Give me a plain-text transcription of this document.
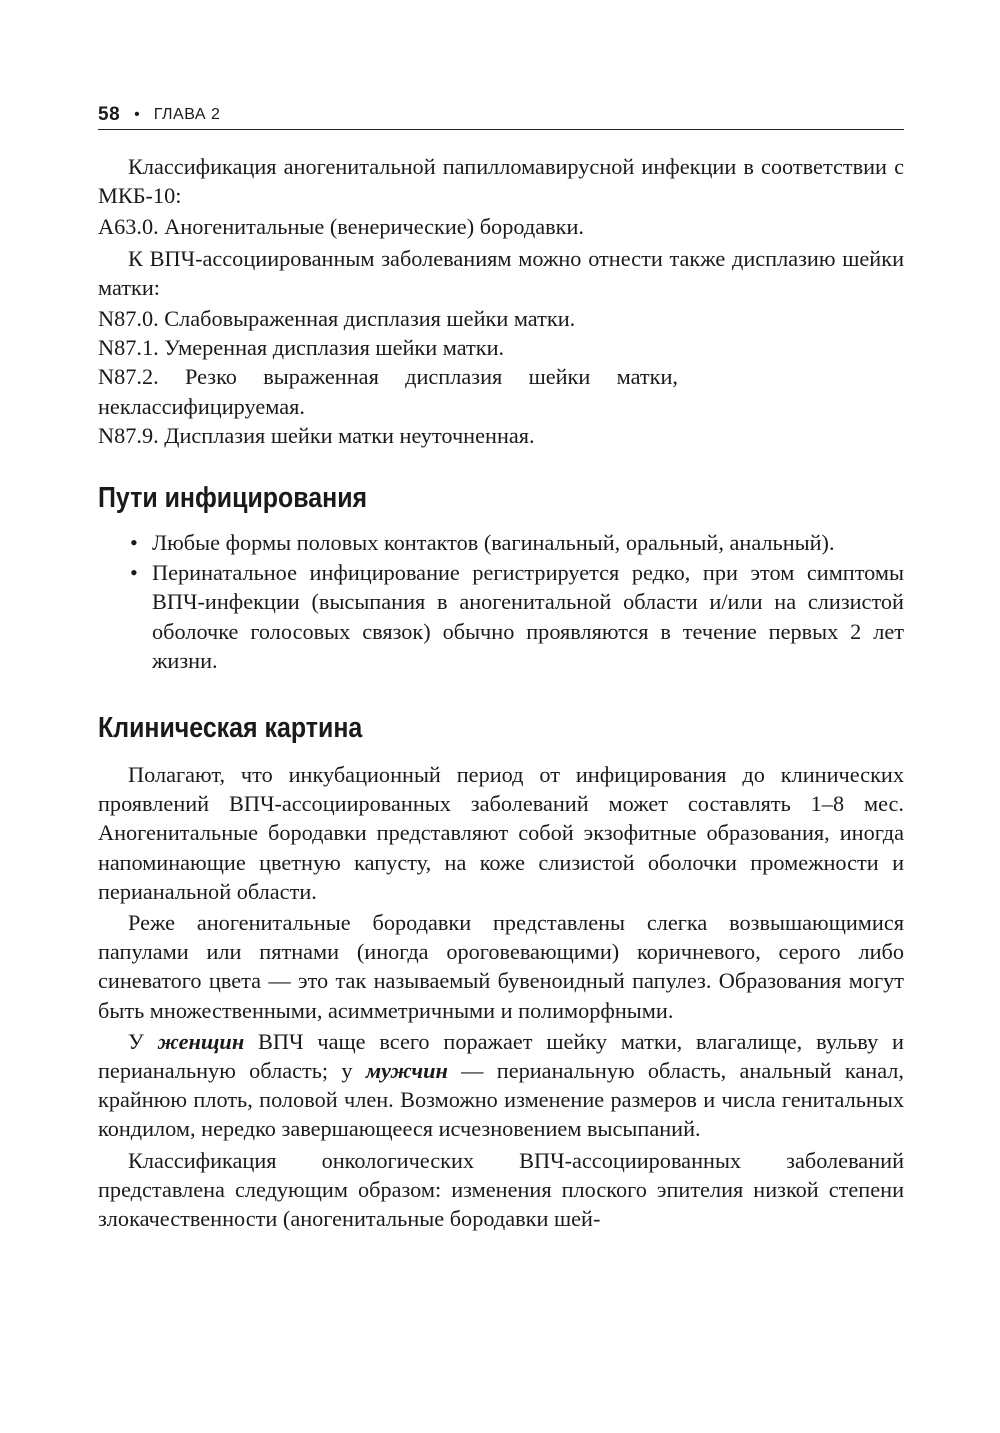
58 • ГЛАВА 2

Классификация аногенитальной папилломавирусной инфекции в соответствии с МКБ-10:

A63.0. Аногенитальные (венерические) бородавки.

К ВПЧ-ассоциированным заболеваниям можно отнести также дисплазию шейки матки:

N87.0. Слабовыраженная дисплазия шейки матки.

N87.1. Умеренная дисплазия шейки матки.

N87.2. Резко выраженная дисплазия шейки матки, неклассифицируемая.

N87.9. Дисплазия шейки матки неуточненная.

Пути инфицирования
• Любые формы половых контактов (вагинальный, оральный, анальный).
• Перинатальное инфицирование регистрируется редко, при этом симптомы ВПЧ-инфекции (высыпания в аногенитальной области и/или на слизистой оболочке голосовых связок) обычно проявляются в течение первых 2 лет жизни.
Клиническая картина

Полагают, что инкубационный период от инфицирования до клинических проявлений ВПЧ-ассоциированных заболеваний может составлять 1–8 мес. Аногенитальные бородавки представляют собой экзофитные образования, иногда напоминающие цветную капусту, на коже слизистой оболочки промежности и перианальной области.

Реже аногенитальные бородавки представлены слегка возвышающимися папулами или пятнами (иногда ороговевающими) коричневого, серого либо синеватого цвета — это так называемый бувеноидный папулез. Образования могут быть множественными, асимметричными и полиморфными.

У женщин ВПЧ чаще всего поражает шейку матки, влагалище, вульву и перианальную область; у мужчин — перианальную область, анальный канал, крайнюю плоть, половой член. Возможно изменение размеров и числа генитальных кондилом, нередко завершающееся исчезновением высыпаний.

Классификация онкологических ВПЧ-ассоциированных заболеваний представлена следующим образом: изменения плоского эпителия низкой степени злокачественности (аногенитальные бородавки шей-
